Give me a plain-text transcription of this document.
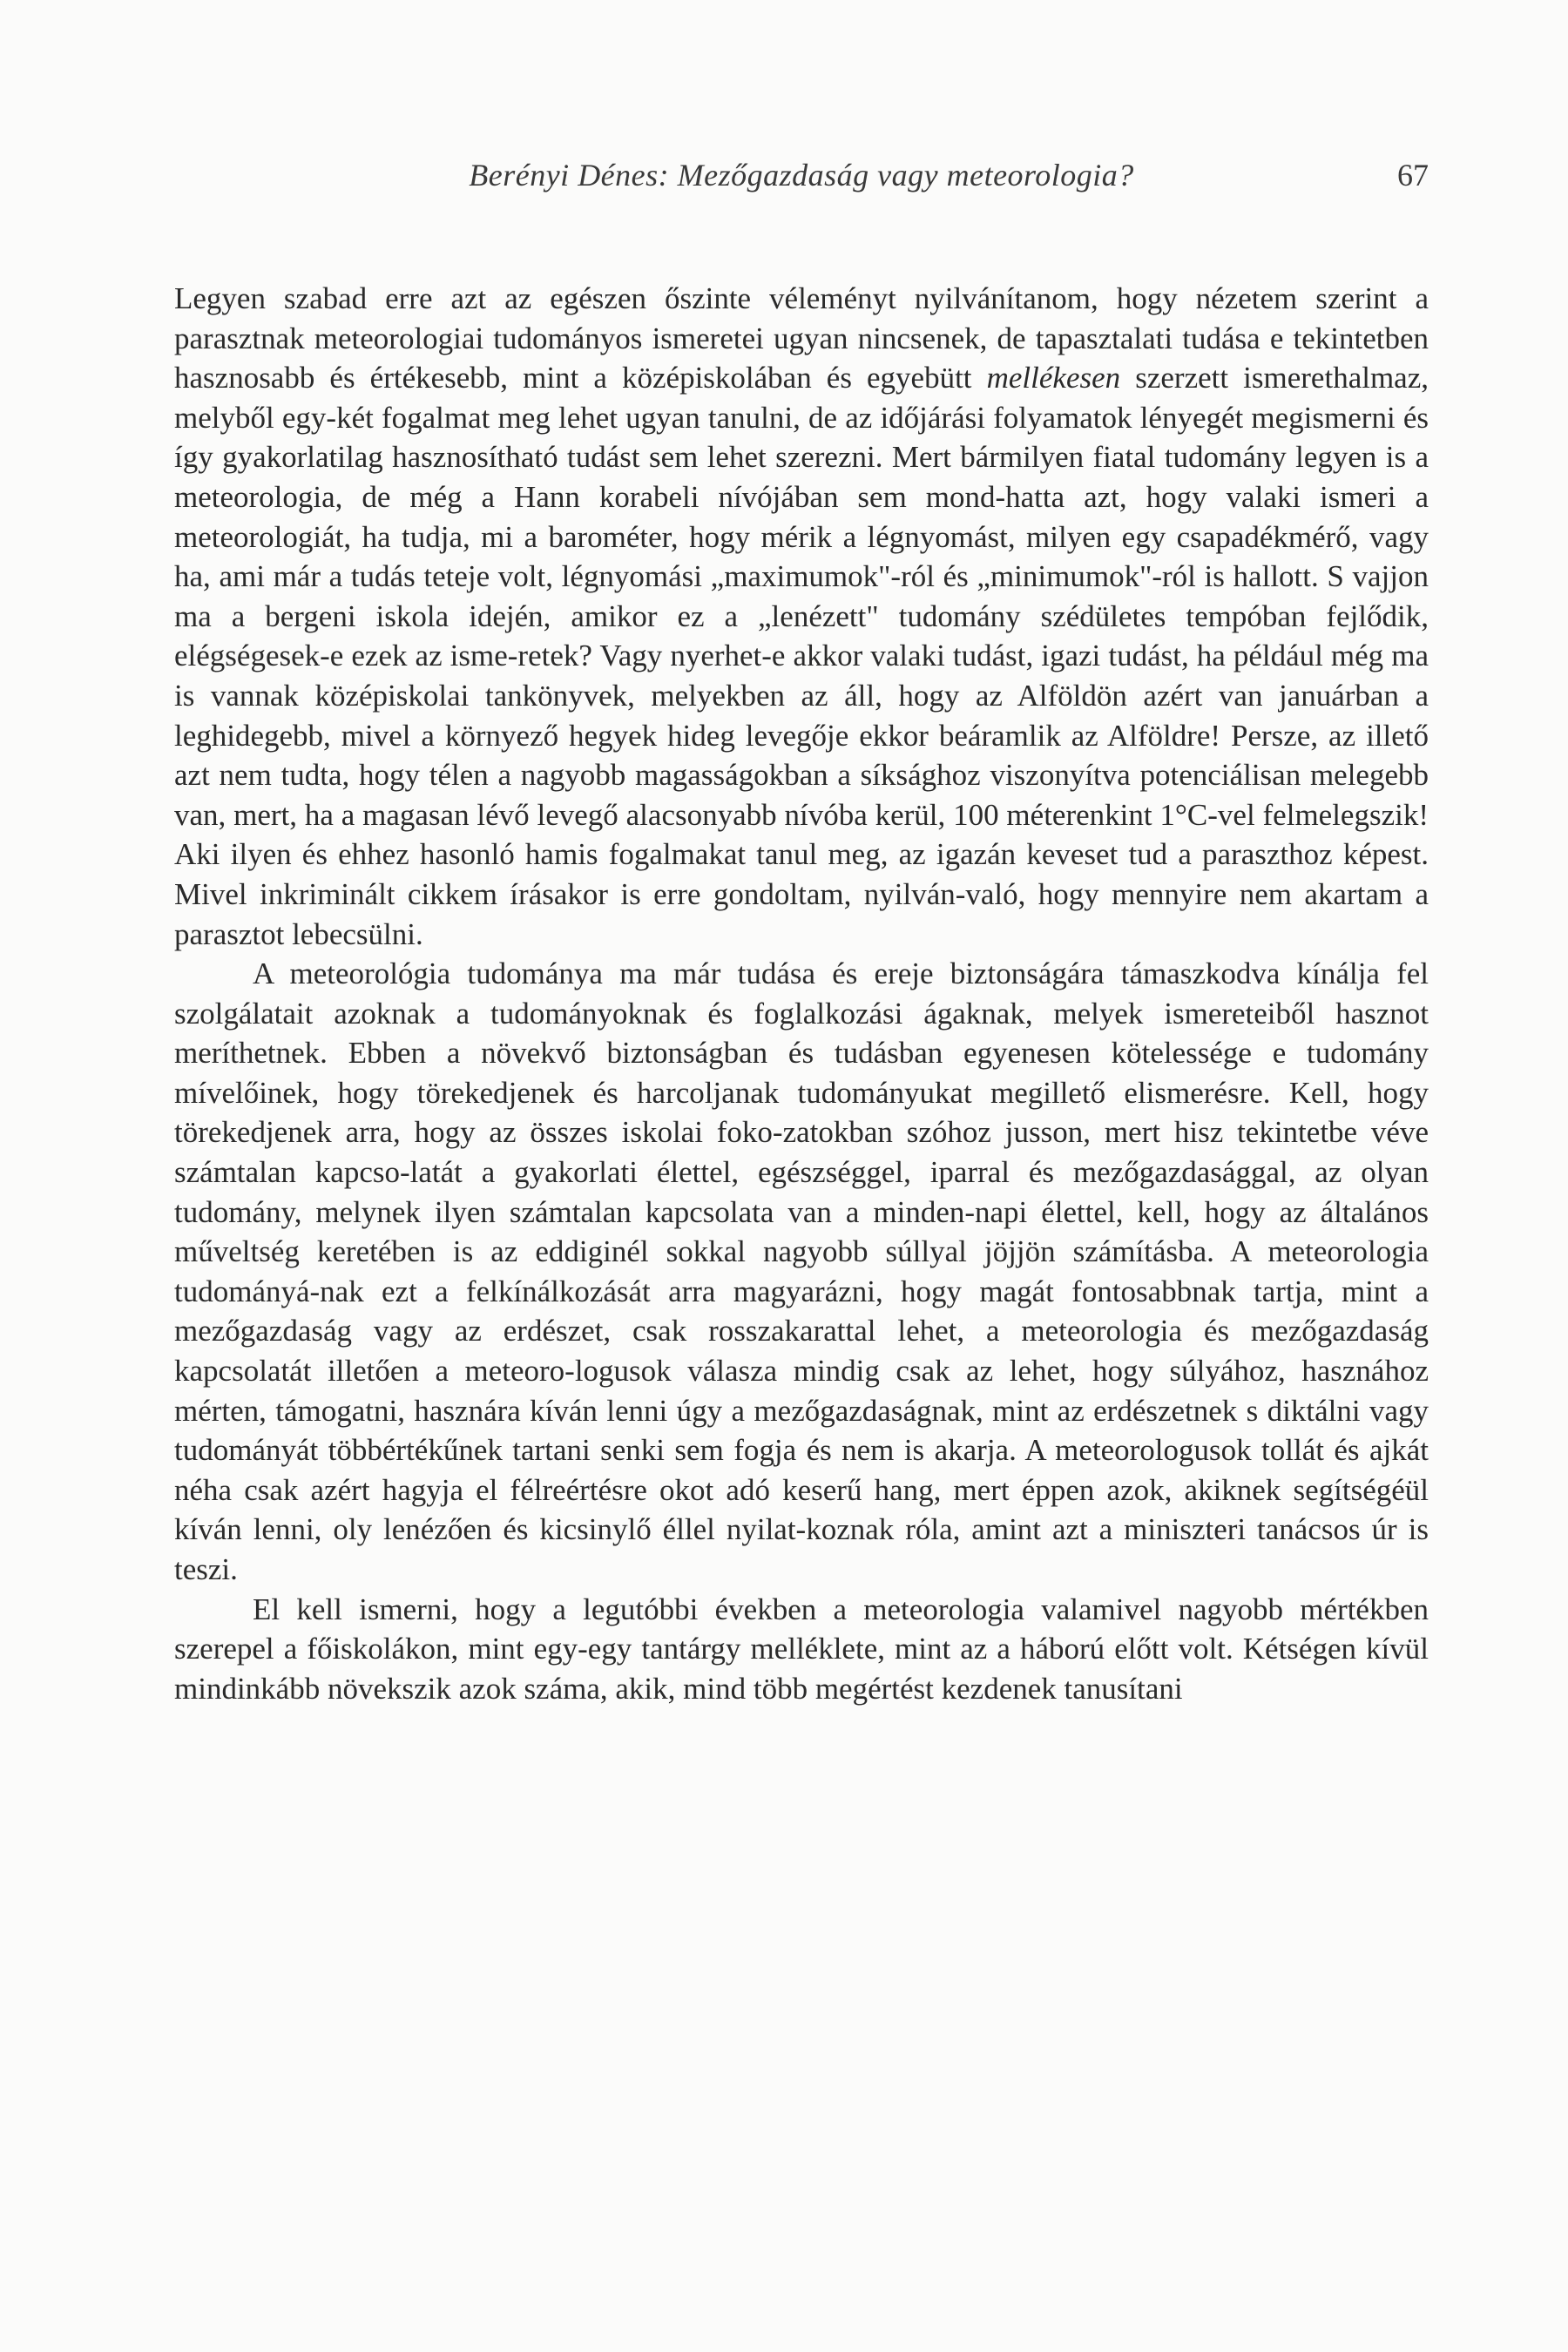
Berényi Dénes: Mezőgazdaság vagy meteorologia?	67

Legyen szabad erre azt az egészen őszinte véleményt nyilvánítanom, hogy nézetem szerint a parasztnak meteorologiai tudományos ismeretei ugyan nincsenek, de tapasztalati tudása e tekintetben hasznosabb és értékesebb, mint a középiskolában és egyebütt mellékesen szerzett ismerethalmaz, melyből egy-két fogalmat meg lehet ugyan tanulni, de az időjárási folyamatok lényegét megismerni és így gyakorlatilag hasznosítható tudást sem lehet szerezni. Mert bármilyen fiatal tudomány legyen is a meteorologia, de még a Hann korabeli nívójában sem mond-hatta azt, hogy valaki ismeri a meteorologiát, ha tudja, mi a barométer, hogy mérik a légnyomást, milyen egy csapadékmérő, vagy ha, ami már a tudás teteje volt, légnyomási „maximumok"-ról és „minimumok"-ról is hallott. S vajjon ma a bergeni iskola idején, amikor ez a „lenézett" tudomány szédületes tempóban fejlődik, elégségesek-e ezek az isme-retek? Vagy nyerhet-e akkor valaki tudást, igazi tudást, ha például még ma is vannak középiskolai tankönyvek, melyekben az áll, hogy az Alföldön azért van januárban a leghidegebb, mivel a környező hegyek hideg levegője ekkor beáramlik az Alföldre! Persze, az illető azt nem tudta, hogy télen a nagyobb magasságokban a síksághoz viszonyítva potenciálisan melegebb van, mert, ha a magasan lévő levegő alacsonyabb nívóba kerül, 100 méterenkint 1°C-vel felmelegszik! Aki ilyen és ehhez hasonló hamis fogalmakat tanul meg, az igazán keveset tud a paraszthoz képest. Mivel inkriminált cikkem írásakor is erre gondoltam, nyilván-való, hogy mennyire nem akartam a parasztot lebecsülni.

A meteorológia tudománya ma már tudása és ereje biztonságára támaszkodva kínálja fel szolgálatait azoknak a tudományoknak és foglalkozási ágaknak, melyek ismereteiből hasznot meríthetnek. Ebben a növekvő biztonságban és tudásban egyenesen kötelessége e tudomány mívelőinek, hogy törekedjenek és harcoljanak tudományukat megillető elismerésre. Kell, hogy törekedjenek arra, hogy az összes iskolai foko-zatokban szóhoz jusson, mert hisz tekintetbe véve számtalan kapcso-latát a gyakorlati élettel, egészséggel, iparral és mezőgazdasággal, az olyan tudomány, melynek ilyen számtalan kapcsolata van a minden-napi élettel, kell, hogy az általános műveltség keretében is az eddiginél sokkal nagyobb súllyal jöjjön számításba. A meteorologia tudományá-nak ezt a felkínálkozását arra magyarázni, hogy magát fontosabbnak tartja, mint a mezőgazdaság vagy az erdészet, csak rosszakarattal lehet, a meteorologia és mezőgazdaság kapcsolatát illetően a meteoro-logusok válasza mindig csak az lehet, hogy súlyához, hasznához mérten, támogatni, hasznára kíván lenni úgy a mezőgazdaságnak, mint az erdészetnek s diktálni vagy tudományát többértékűnek tartani senki sem fogja és nem is akarja. A meteorologusok tollát és ajkát néha csak azért hagyja el félreértésre okot adó keserű hang, mert éppen azok, akiknek segítségéül kíván lenni, oly lenézően és kicsinylő éllel nyilat-koznak róla, amint azt a miniszteri tanácsos úr is teszi.

El kell ismerni, hogy a legutóbbi években a meteorologia valamivel nagyobb mértékben szerepel a főiskolákon, mint egy-egy tantárgy melléklete, mint az a háború előtt volt. Kétségen kívül mindinkább növekszik azok száma, akik, mind több megértést kezdenek tanusítani
